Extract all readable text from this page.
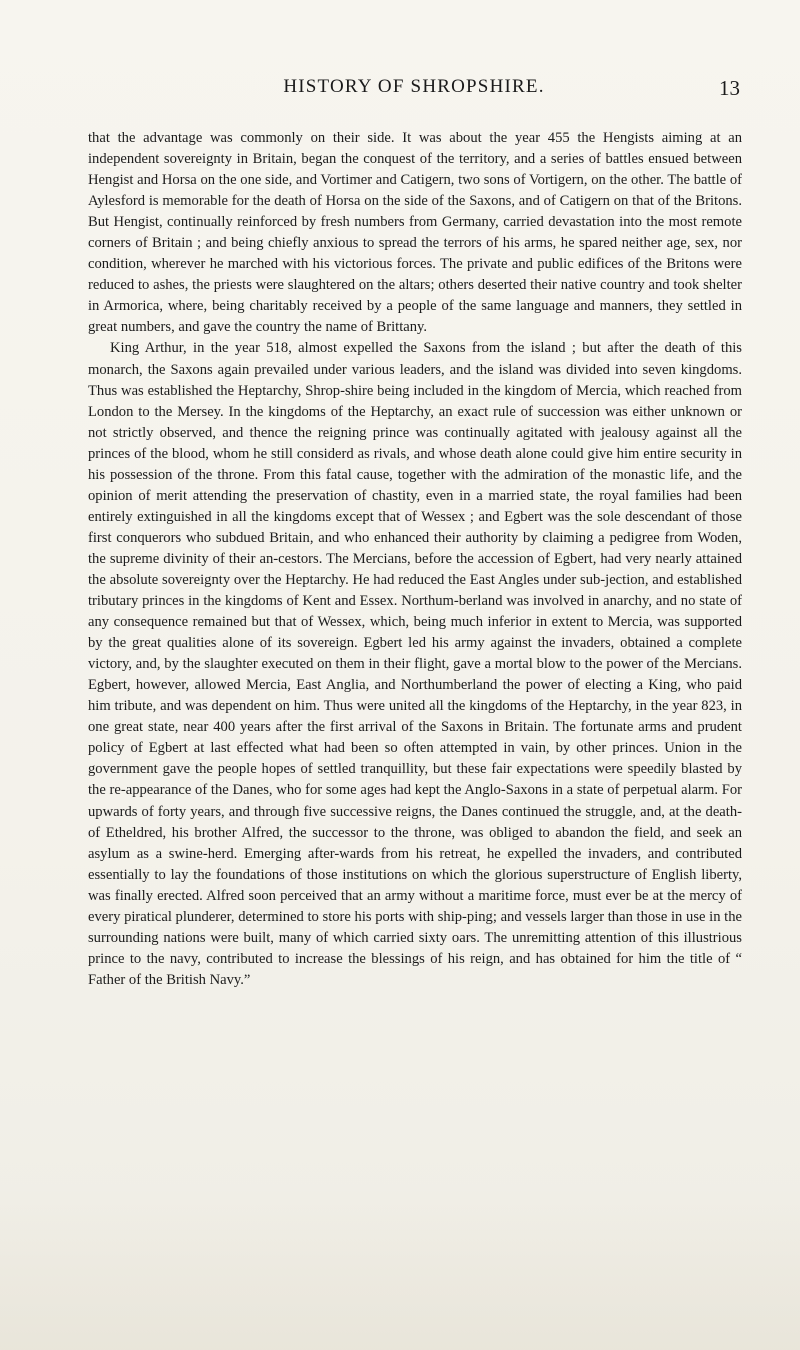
HISTORY OF SHROPSHIRE.	13

that the advantage was commonly on their side. It was about the year 455 the Hengists aiming at an independent sovereignty in Britain, began the conquest of the territory, and a series of battles ensued between Hengist and Horsa on the one side, and Vortimer and Catigern, two sons of Vortigern, on the other. The battle of Aylesford is memorable for the death of Horsa on the side of the Saxons, and of Catigern on that of the Britons. But Hengist, continually reinforced by fresh numbers from Germany, carried devastation into the most remote corners of Britain ; and being chiefly anxious to spread the terrors of his arms, he spared neither age, sex, nor condition, wherever he marched with his victorious forces. The private and public edifices of the Britons were reduced to ashes, the priests were slaughtered on the altars; others deserted their native country and took shelter in Armorica, where, being charitably received by a people of the same language and manners, they settled in great numbers, and gave the country the name of Brittany.

King Arthur, in the year 518, almost expelled the Saxons from the island ; but after the death of this monarch, the Saxons again prevailed under various leaders, and the island was divided into seven kingdoms. Thus was established the Heptarchy, Shrop-shire being included in the kingdom of Mercia, which reached from London to the Mersey. In the kingdoms of the Heptarchy, an exact rule of succession was either unknown or not strictly observed, and thence the reigning prince was continually agitated with jealousy against all the princes of the blood, whom he still considerd as rivals, and whose death alone could give him entire security in his possession of the throne. From this fatal cause, together with the admiration of the monastic life, and the opinion of merit attending the preservation of chastity, even in a married state, the royal families had been entirely extinguished in all the kingdoms except that of Wessex ; and Egbert was the sole descendant of those first conquerors who subdued Britain, and who enhanced their authority by claiming a pedigree from Woden, the supreme divinity of their an-cestors. The Mercians, before the accession of Egbert, had very nearly attained the absolute sovereignty over the Heptarchy. He had reduced the East Angles under sub-jection, and established tributary princes in the kingdoms of Kent and Essex. Northum-berland was involved in anarchy, and no state of any consequence remained but that of Wessex, which, being much inferior in extent to Mercia, was supported by the great qualities alone of its sovereign. Egbert led his army against the invaders, obtained a complete victory, and, by the slaughter executed on them in their flight, gave a mortal blow to the power of the Mercians. Egbert, however, allowed Mercia, East Anglia, and Northumberland the power of electing a King, who paid him tribute, and was dependent on him. Thus were united all the kingdoms of the Heptarchy, in the year 823, in one great state, near 400 years after the first arrival of the Saxons in Britain. The fortunate arms and prudent policy of Egbert at last effected what had been so often attempted in vain, by other princes. Union in the government gave the people hopes of settled tranquillity, but these fair expectations were speedily blasted by the re-appearance of the Danes, who for some ages had kept the Anglo-Saxons in a state of perpetual alarm. For upwards of forty years, and through five successive reigns, the Danes continued the struggle, and, at the death- of Etheldred, his brother Alfred, the successor to the throne, was obliged to abandon the field, and seek an asylum as a swine-herd. Emerging after-wards from his retreat, he expelled the invaders, and contributed essentially to lay the foundations of those institutions on which the glorious superstructure of English liberty, was finally erected. Alfred soon perceived that an army without a maritime force, must ever be at the mercy of every piratical plunderer, determined to store his ports with ship-ping; and vessels larger than those in use in the surrounding nations were built, many of which carried sixty oars. The unremitting attention of this illustrious prince to the navy, contributed to increase the blessings of his reign, and has obtained for him the title of “ Father of the British Navy.”
